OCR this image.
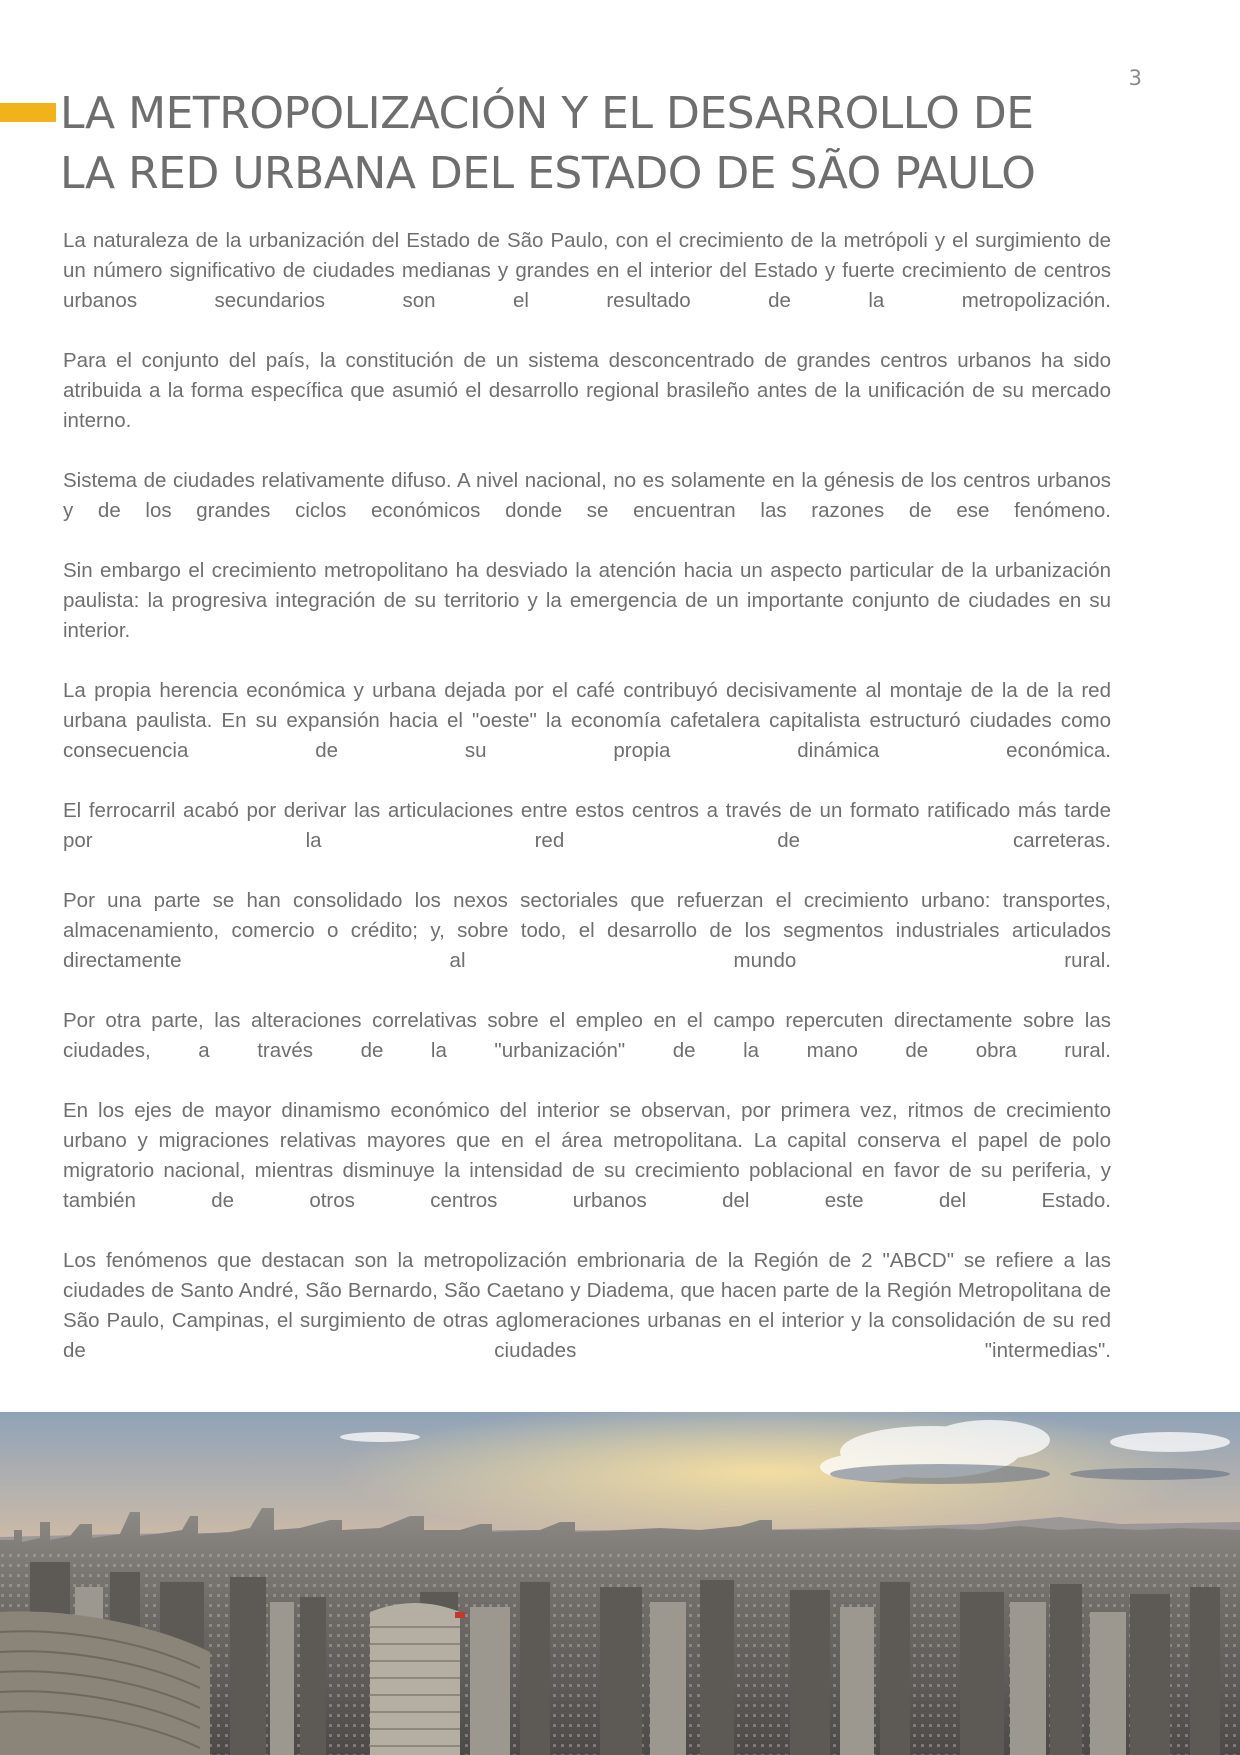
3
LA METROPOLIZACIÓN Y EL DESARROLLO DE
LA RED URBANA DEL ESTADO DE SÃO PAULO

La naturaleza de la urbanización del Estado de São Paulo, con el crecimiento de la metrópoli y el surgimiento de un número significativo de ciudades medianas y grandes en el interior del Estado y fuerte crecimiento de centros urbanos secundarios son el resultado de la metropolización.

Para el conjunto del país, la constitución de un sistema desconcentrado de grandes centros urbanos ha sido atribuida a la forma específica que asumió el desarrollo regional brasileño antes de la unificación de su mercado interno.

Sistema de ciudades relativamente difuso. A nivel nacional, no es solamente en la génesis de los centros urbanos y de los grandes ciclos económicos donde se encuentran las razones de ese fenómeno.

Sin embargo el crecimiento metropolitano ha desviado la atención hacia un aspecto particular de la urbanización paulista: la progresiva integración de su territorio y la emergencia de un importante conjunto de ciudades en su interior.

La propia herencia económica y urbana dejada por el café contribuyó decisivamente al montaje de la de la red urbana paulista. En su expansión hacia el "oeste" la economía cafetalera capitalista estructuró ciudades como consecuencia de su propia dinámica económica.

El ferrocarril acabó por derivar las articulaciones entre estos centros a través de un formato ratificado más tarde por la red de carreteras.

Por una parte se han consolidado los nexos sectoriales que refuerzan el crecimiento urbano: transportes, almacenamiento, comercio o crédito; y, sobre todo, el desarrollo de los segmentos industriales articulados directamente al mundo rural.

Por otra parte, las alteraciones correlativas sobre el empleo en el campo repercuten directamente sobre las ciudades, a través de la "urbanización" de la mano de obra rural.

En los ejes de mayor dinamismo económico del interior se observan, por primera vez, ritmos de crecimiento urbano y migraciones relativas mayores que en el área metropolitana. La capital conserva el papel de polo migratorio nacional, mientras disminuye la intensidad de su crecimiento poblacional en favor de su periferia, y también de otros centros urbanos del este del Estado.

Los fenómenos que destacan son la metropolización embrionaria de la Región de 2 "ABCD" se refiere a las ciudades de Santo André, São Bernardo, São Caetano y Diadema, que hacen parte de la Región Metropolitana de São Paulo, Campinas, el surgimiento de otras aglomeraciones urbanas en el interior y la consolidación de su red de ciudades "intermedias".
